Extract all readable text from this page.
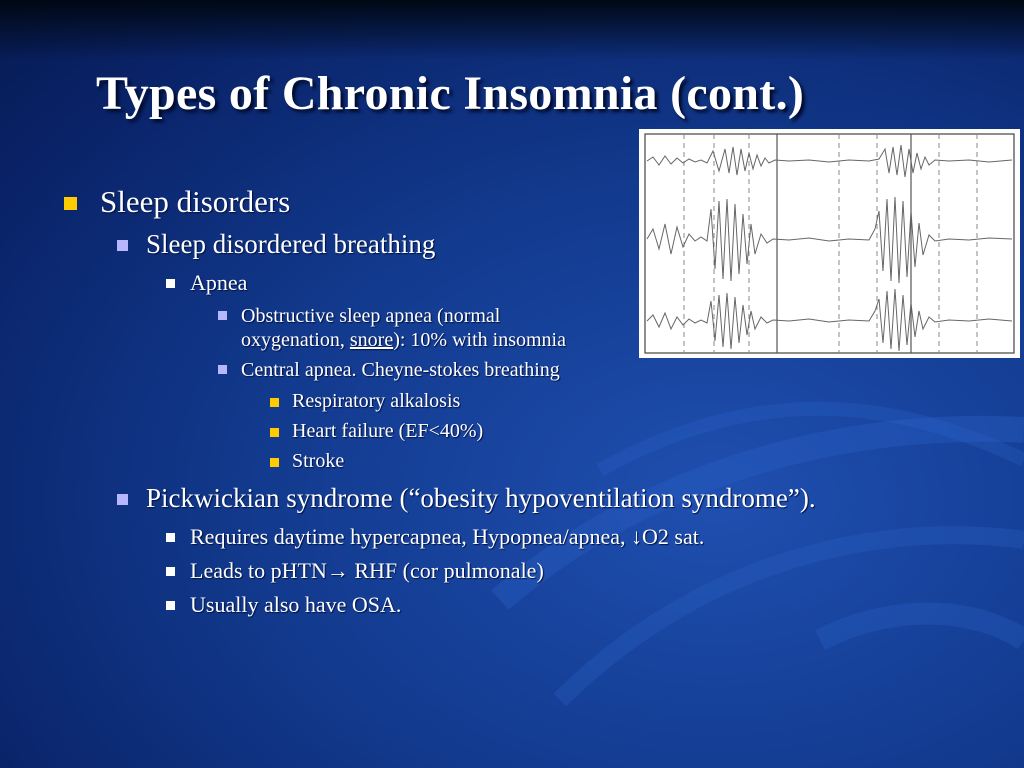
Types of Chronic Insomnia (cont.)
Sleep disorders
Sleep disordered breathing
Apnea
Obstructive sleep apnea (normal
oxygenation, snore): 10% with insomnia
Central apnea. Cheyne-stokes breathing
Respiratory alkalosis
Heart failure (EF<40%)
Stroke
Pickwickian syndrome (“obesity hypoventilation syndrome”).
Requires daytime hypercapnea, Hypopnea/apnea, ↓O2 sat.
Leads to pHTN→ RHF (cor pulmonale)
Usually also have OSA.
